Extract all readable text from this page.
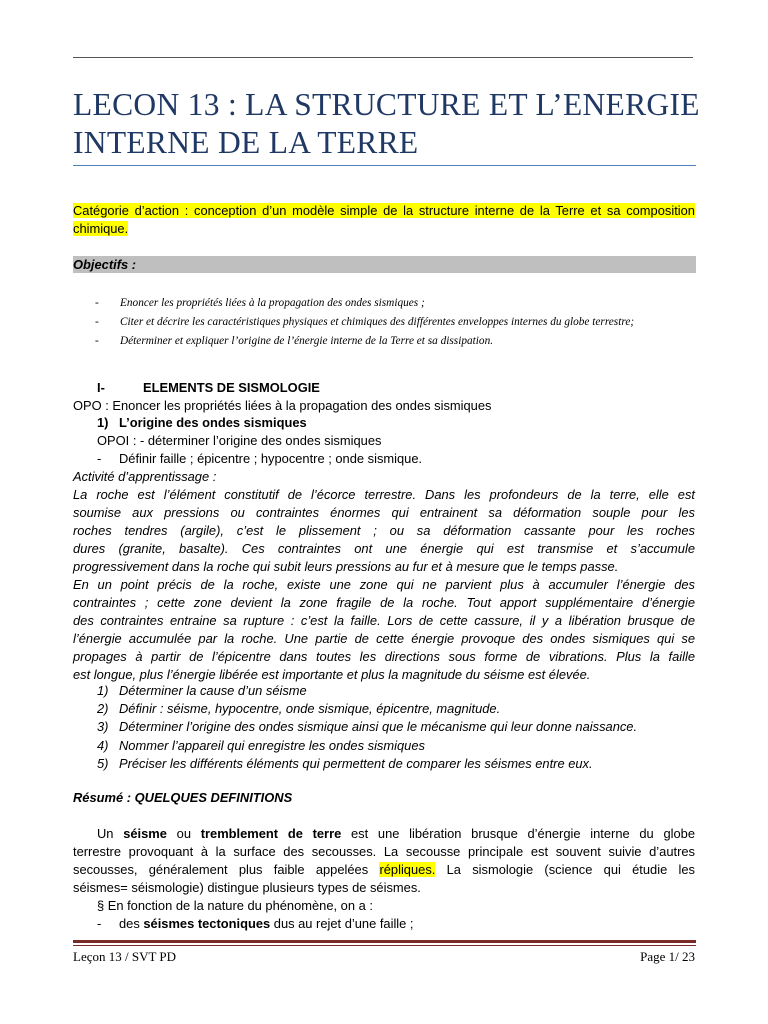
LECON 13 : LA STRUCTURE ET L’ENERGIE INTERNE DE LA TERRE
Catégorie d’action : conception d’un modèle simple de la structure interne de la Terre et sa composition chimique.
Objectifs :
- Enoncer les propriétés liées à la propagation des ondes sismiques ;
- Citer et décrire les caractéristiques physiques et chimiques des différentes enveloppes internes du globe terrestre;
- Déterminer et expliquer l’origine de l’énergie interne de la Terre et sa dissipation.
I-	ELEMENTS DE SISMOLOGIE
OPO : Enoncer les propriétés liées à la propagation des ondes sismiques
1) L’origine des ondes sismiques
OPOI : - déterminer l’origine des ondes sismiques
- Définir faille ; épicentre ; hypocentre ; onde sismique.
Activité d’apprentissage :
La roche est l’élément constitutif de l’écorce terrestre. Dans les profondeurs de la terre, elle est
soumise aux pressions ou contraintes énormes qui entrainent sa déformation souple pour les
roches tendres (argile), c’est le plissement ; ou sa déformation cassante pour les roches
dures (granite, basalte). Ces contraintes ont une énergie qui est transmise et s’accumule
progressivement dans la roche qui subit leurs pressions au fur et à mesure que le temps passe.
En un point précis de la roche, existe une zone qui ne parvient plus à accumuler l’énergie des
contraintes ; cette zone devient la zone fragile de la roche. Tout apport supplémentaire d’énergie
des contraintes entraine sa rupture : c’est la faille. Lors de cette cassure, il y a libération brusque de
l’énergie accumulée par la roche. Une partie de cette énergie provoque des ondes sismiques qui se
propages à partir de l’épicentre dans toutes les directions sous forme de vibrations. Plus la faille
est longue, plus l’énergie libérée est importante et plus la magnitude du séisme est élevée.
1) Déterminer la cause d’un séisme
2) Définir : séisme, hypocentre, onde sismique, épicentre, magnitude.
3) Déterminer l’origine des ondes sismique ainsi que le mécanisme qui leur donne naissance.
4) Nommer l’appareil qui enregistre les ondes sismiques
5) Préciser les différents éléments qui permettent de comparer les séismes entre eux.
Résumé : QUELQUES DEFINITIONS
Un séisme ou tremblement de terre est une libération brusque d’énergie interne du globe
terrestre provoquant à la surface des secousses. La secousse principale est souvent suivie d’autres
secousses, généralement plus faible appelées répliques. La sismologie (science qui étudie les
séismes= séismologie) distingue plusieurs types de séismes.
§ En fonction de la nature du phénomène, on a :
- des séismes tectoniques dus au rejet d’une faille ;
Leçon 13 / SVT PD	Page 1/ 23
